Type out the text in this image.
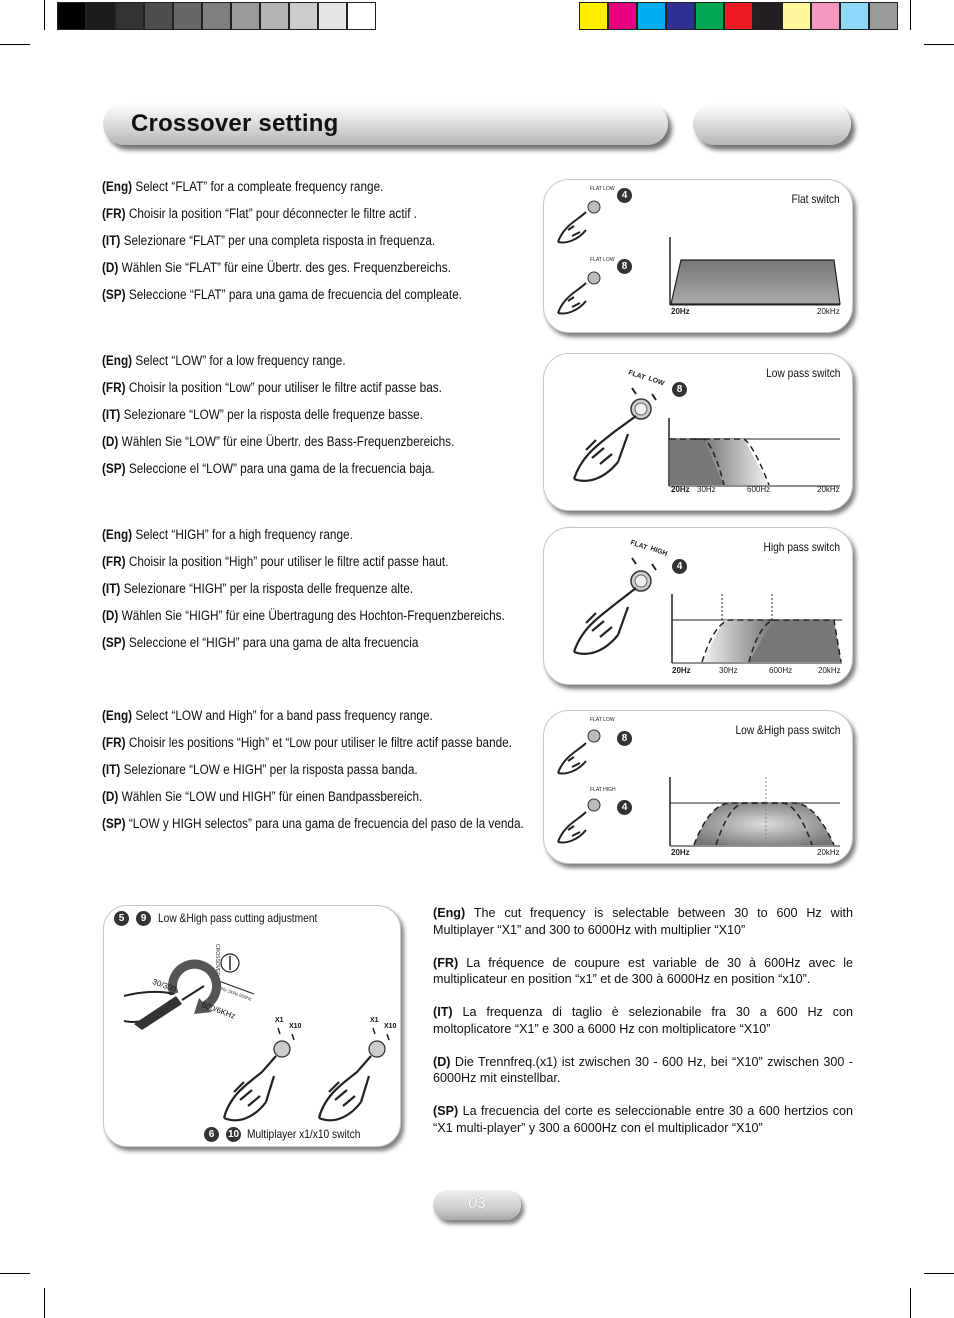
Crossover setting
(Eng) Select “FLAT” for a compleate frequency range.
(FR) Choisir la position “Flat” pour déconnecter le filtre actif .
(IT) Selezionare “FLAT” per una completa risposta in frequenza.
(D) Wählen Sie “FLAT” für eine Übertr. des ges. Frequenzbereichs.
(SP) Seleccione “FLAT” para una gama de frecuencia del compleate.
(Eng) Select “LOW” for a low frequency range.
(FR) Choisir la position “Low” pour utiliser le filtre actif passe bas.
(IT) Selezionare “LOW” per la risposta delle frequenze basse.
(D) Wählen Sie “LOW” für eine Übertr. des Bass-Frequenzbereichs.
(SP) Seleccione el “LOW” para una gama de la frecuencia baja.
(Eng) Select “HIGH” for a high frequency range.
(FR) Choisir la position “High” pour utiliser le filtre actif passe haut.
(IT) Selezionare “HIGH” per la risposta delle frequenze alte.
(D) Wählen Sie “HIGH” für eine Übertragung des Hochton-Frequenzbereichs.
(SP) Seleccione el “HIGH” para una gama de alta frecuencia
(Eng) Select “LOW and High” for a band pass frequency range.
(FR) Choisir les positions “High” et “Low pour utiliser le filtre actif passe bande.
(IT) Selezionare “LOW e HIGH” per la risposta passa banda.
(D) Wählen Sie “LOW und HIGH” für einen Bandpassbereich.
(SP) “LOW y HIGH selectos” para una gama de frecuencia del paso de la venda.
Flat switch
4
8
FLAT LOW
FLAT LOW
20Hz	20kHz
Low pass switch
8
FLAT LOW
20Hz 30Hz	600Hz	20kHz
High pass switch
4
FLAT HIGH
20Hz	30Hz	600Hz	20kHz
Low &High pass switch
8
4
FLAT LOW
FLAT HIGH
20Hz	20kHz
5	9 Low &High pass cutting adjustment
6	10 Multiplayer x1/x10 switch
CROSSOVER
30Hz-1KHz 600Hz
30/300
600/6KHz	X1
X10
X1
X10

(Eng) The cut frequency is selectable between 30 to 600 Hz with Multiplayer “X1” and 300 to 6000Hz with multiplier “X10”

(FR) La fréquence de coupure est variable de 30 à 600Hz avec le multiplicateur en position “x1” et de 300 à 6000Hz en position “x10”.

(IT) La frequenza di taglio è selezionabile fra 30 a 600 Hz con moltoplicatore “X1” e 300 a 6000 Hz con moltiplicatore “X10”

(D) Die Trennfreq.(x1) ist zwischen 30 - 600 Hz, bei “X10” zwischen 300 - 6000Hz mit einstellbar.

(SP) La frecuencia del corte es seleccionable entre 30 a 600 hertzios con “X1 multi-player” y 300 a 6000Hz con el multiplicador “X10”

03
